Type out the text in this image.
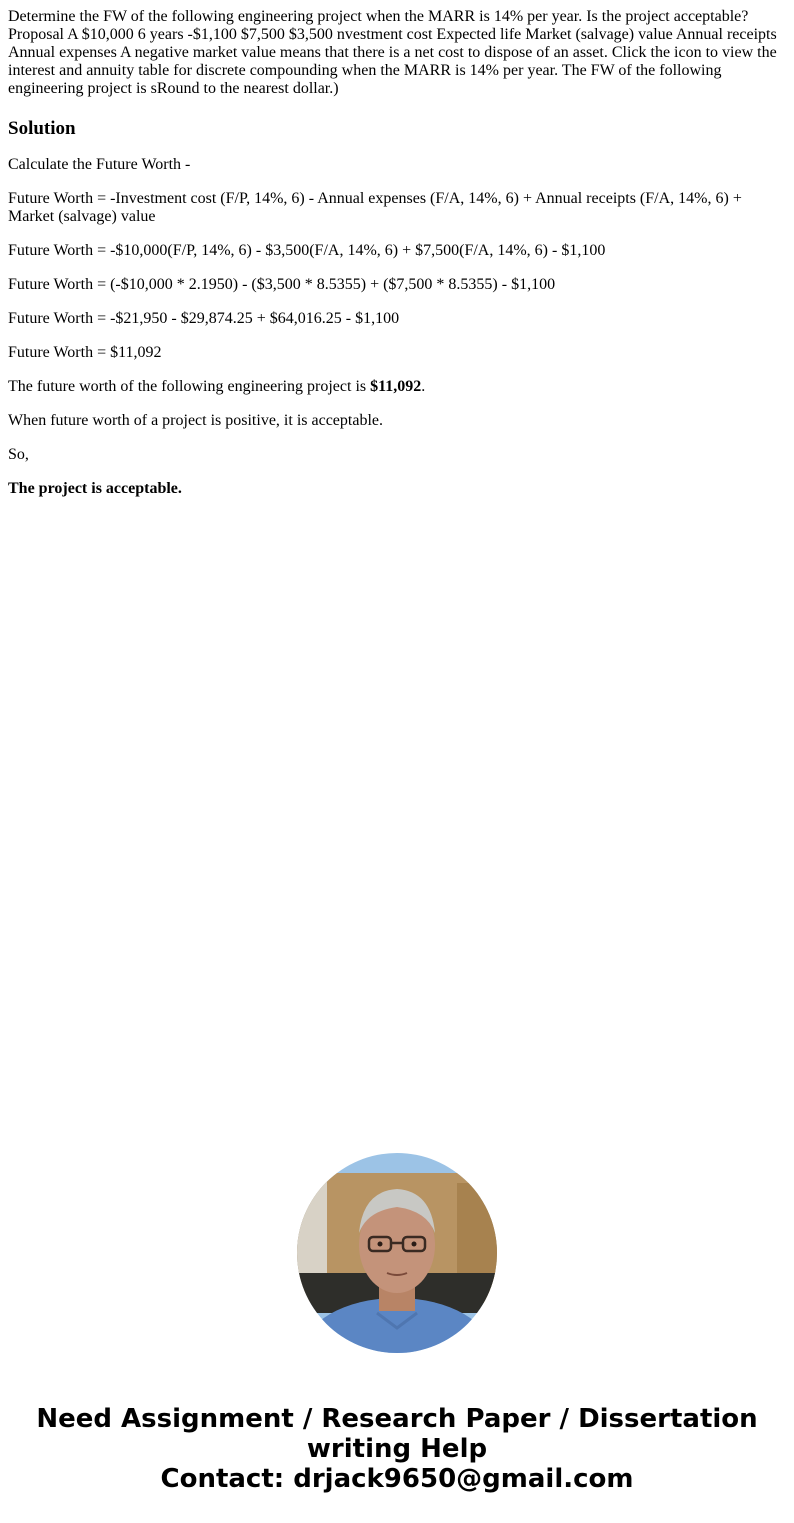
Determine the FW of the following engineering project when the MARR is 14% per year. Is the project acceptable? Proposal A $10,000 6 years -$1,100 $7,500 $3,500 nvestment cost Expected life Market (salvage) value Annual receipts Annual expenses A negative market value means that there is a net cost to dispose of an asset. Click the icon to view the interest and annuity table for discrete compounding when the MARR is 14% per year. The FW of the following engineering project is sRound to the nearest dollar.)
Solution

Calculate the Future Worth -

Future Worth = -Investment cost (F/P, 14%, 6) - Annual expenses (F/A, 14%, 6) + Annual receipts (F/A, 14%, 6) + Market (salvage) value

Future Worth = -$10,000(F/P, 14%, 6) - $3,500(F/A, 14%, 6) + $7,500(F/A, 14%, 6) - $1,100

Future Worth = (-$10,000 * 2.1950) - ($3,500 * 8.5355) + ($7,500 * 8.5355) - $1,100

Future Worth = -$21,950 - $29,874.25 + $64,016.25 - $1,100

Future Worth = $11,092

The future worth of the following engineering project is $11,092.

When future worth of a project is positive, it is acceptable.

So,

The project is acceptable.

Need Assignment / Research Paper / Dissertation
writing Help
Contact: drjack9650@gmail.com
